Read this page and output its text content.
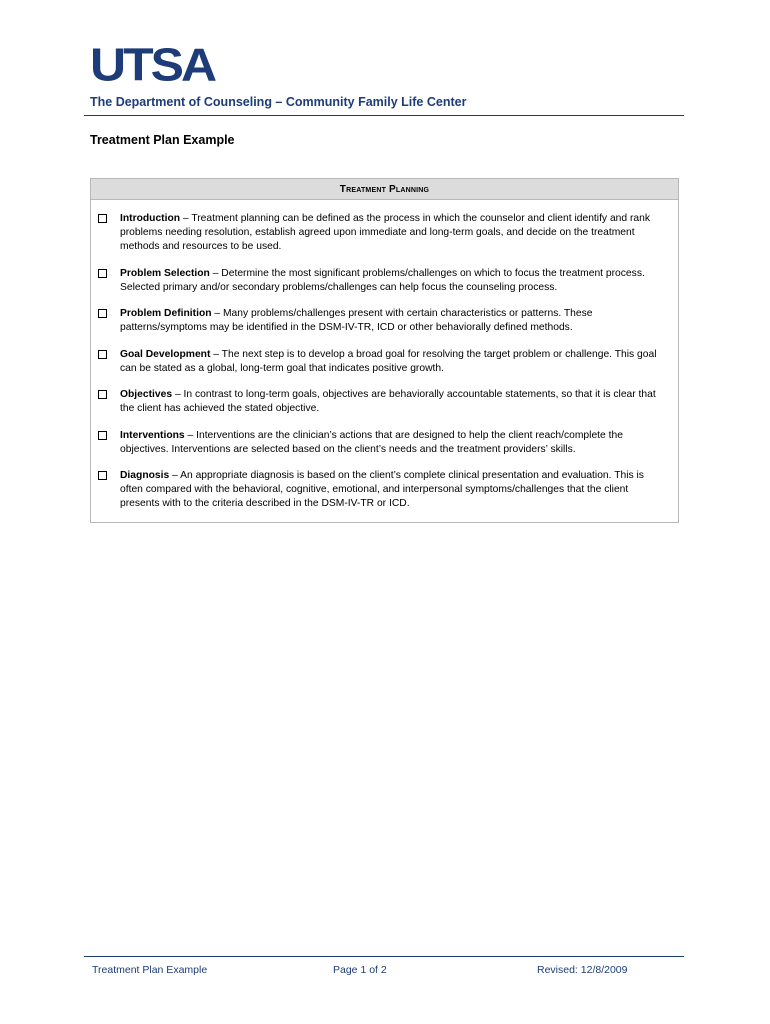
UTSA
The Department of Counseling – Community Family Life Center
Treatment Plan Example
Treatment Planning
Introduction – Treatment planning can be defined as the process in which the counselor and client identify and rank problems needing resolution, establish agreed upon immediate and long-term goals, and decide on the treatment methods and resources to be used.
Problem Selection – Determine the most significant problems/challenges on which to focus the treatment process. Selected primary and/or secondary problems/challenges can help focus the counseling process.
Problem Definition – Many problems/challenges present with certain characteristics or patterns. These patterns/symptoms may be identified in the DSM-IV-TR, ICD or other behaviorally defined methods.
Goal Development – The next step is to develop a broad goal for resolving the target problem or challenge. This goal can be stated as a global, long-term goal that indicates positive growth.
Objectives – In contrast to long-term goals, objectives are behaviorally accountable statements, so that it is clear that the client has achieved the stated objective.
Interventions – Interventions are the clinician’s actions that are designed to help the client reach/complete the objectives. Interventions are selected based on the client’s needs and the treatment providers’ skills.
Diagnosis – An appropriate diagnosis is based on the client’s complete clinical presentation and evaluation. This is often compared with the behavioral, cognitive, emotional, and interpersonal symptoms/challenges that the client presents with to the criteria described in the DSM-IV-TR or ICD.
Treatment Plan Example	Page 1 of 2	Revised: 12/8/2009
